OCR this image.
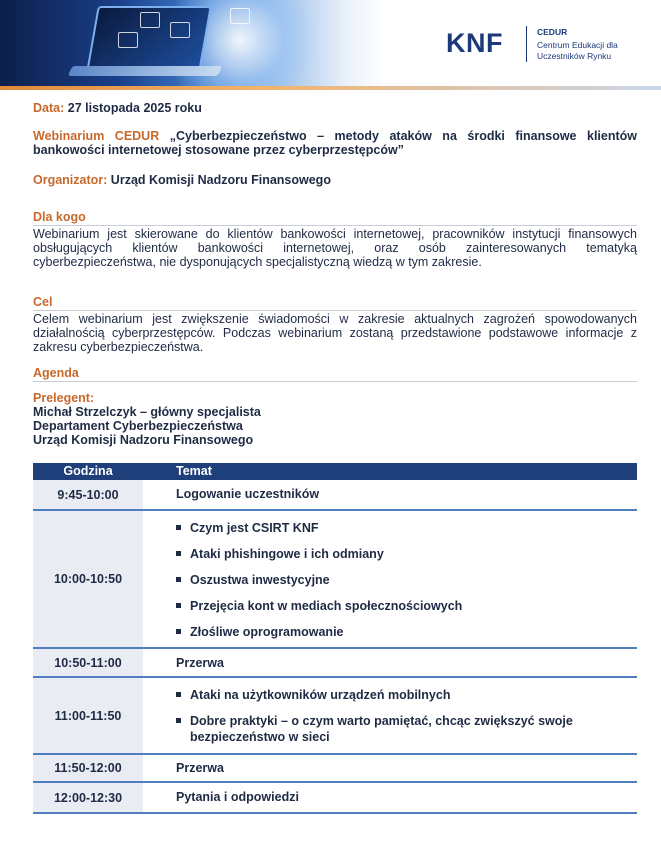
KNF	CEDUR
Centrum Edukacji dla
Uczestników Rynku
Data: 27 listopada 2025 roku
Webinarium CEDUR „Cyberbezpieczeństwo – metody ataków na środki finansowe klientów bankowości internetowej stosowane przez cyberprzestępców”
Organizator: Urząd Komisji Nadzoru Finansowego
Dla kogo
Webinarium jest skierowane do klientów bankowości internetowej, pracowników instytucji finansowych obsługujących klientów bankowości internetowej, oraz osób zainteresowanych tematyką cyberbezpieczeństwa, nie dysponujących specjalistyczną wiedzą w tym zakresie.
Cel
Celem webinarium jest zwiększenie świadomości w zakresie aktualnych zagrożeń spowodowanych działalnością cyberprzestępców. Podczas webinarium zostaną przedstawione podstawowe informacje z zakresu cyberbezpieczeństwa.
Agenda
Prelegent:
Michał Strzelczyk – główny specjalista
Departament Cyberbezpieczeństwa
Urząd Komisji Nadzoru Finansowego
Godzina	Temat
9:45-10:00	Logowanie uczestników
10:00-10:50
Czym jest CSIRT KNF
Ataki phishingowe i ich odmiany
Oszustwa inwestycyjne
Przejęcia kont w mediach społecznościowych
Złośliwe oprogramowanie
10:50-11:00	Przerwa
11:00-11:50
Ataki na użytkowników urządzeń mobilnych
Dobre praktyki – o czym warto pamiętać, chcąc zwiększyć swoje bezpieczeństwo w sieci
11:50-12:00	Przerwa
12:00-12:30	Pytania i odpowiedzi
